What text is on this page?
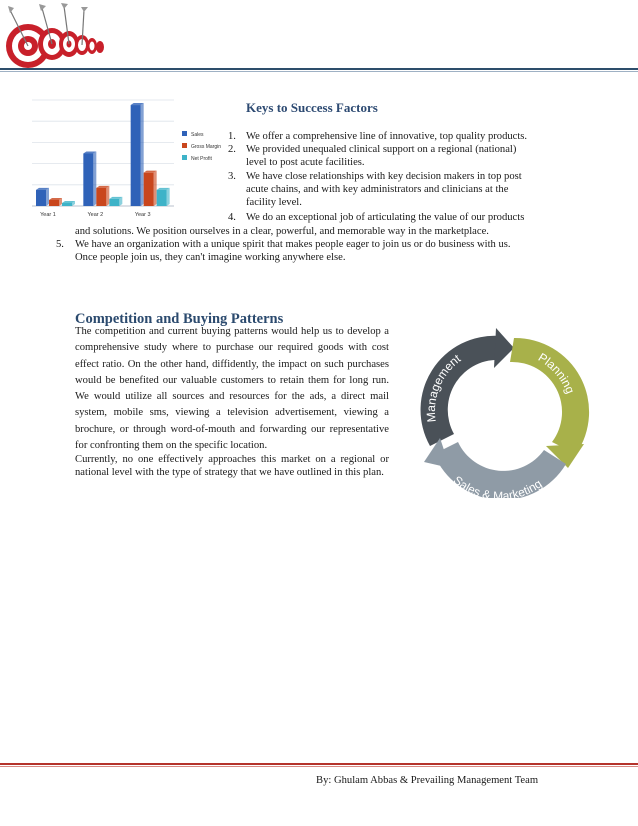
Year 1	Year 2	Year 3
Sales
Gross Margin
Net Profit
Keys to Success Factors
1. We offer a comprehensive line of innovative, top quality products.
2. We provided unequaled clinical support on a regional (national)
level to post acute facilities.
3. We have close relationships with key decision makers in top post
acute chains, and with key administrators and clinicians at the
facility level.
4. We do an exceptional job of articulating the value of our products
and solutions. We position ourselves in a clear, powerful, and memorable way in the marketplace.
5. We have an organization with a unique spirit that makes people eager to join us or do business with us.
Once people join us, they can't imagine working anywhere else.
Competition and Buying Patterns

The competition and current buying patterns would help us to develop a comprehensive study where to purchase our required goods with cost effect ratio. On the other hand, diffidently, the impact on such purchases would be benefited our valuable customers to retain them for long run. We would utilize all sources and resources for the ads, a direct mail system, mobile sms, viewing a television advertisement, viewing a brochure, or through word-of-mouth and forwarding our representative for confronting them on the specific location.

Currently, no one effectively approaches this market on a regional or national level with the type of strategy that we have outlined in this plan.

Management	Planning
Sales & Marketing
By: Ghulam Abbas & Prevailing Management Team
